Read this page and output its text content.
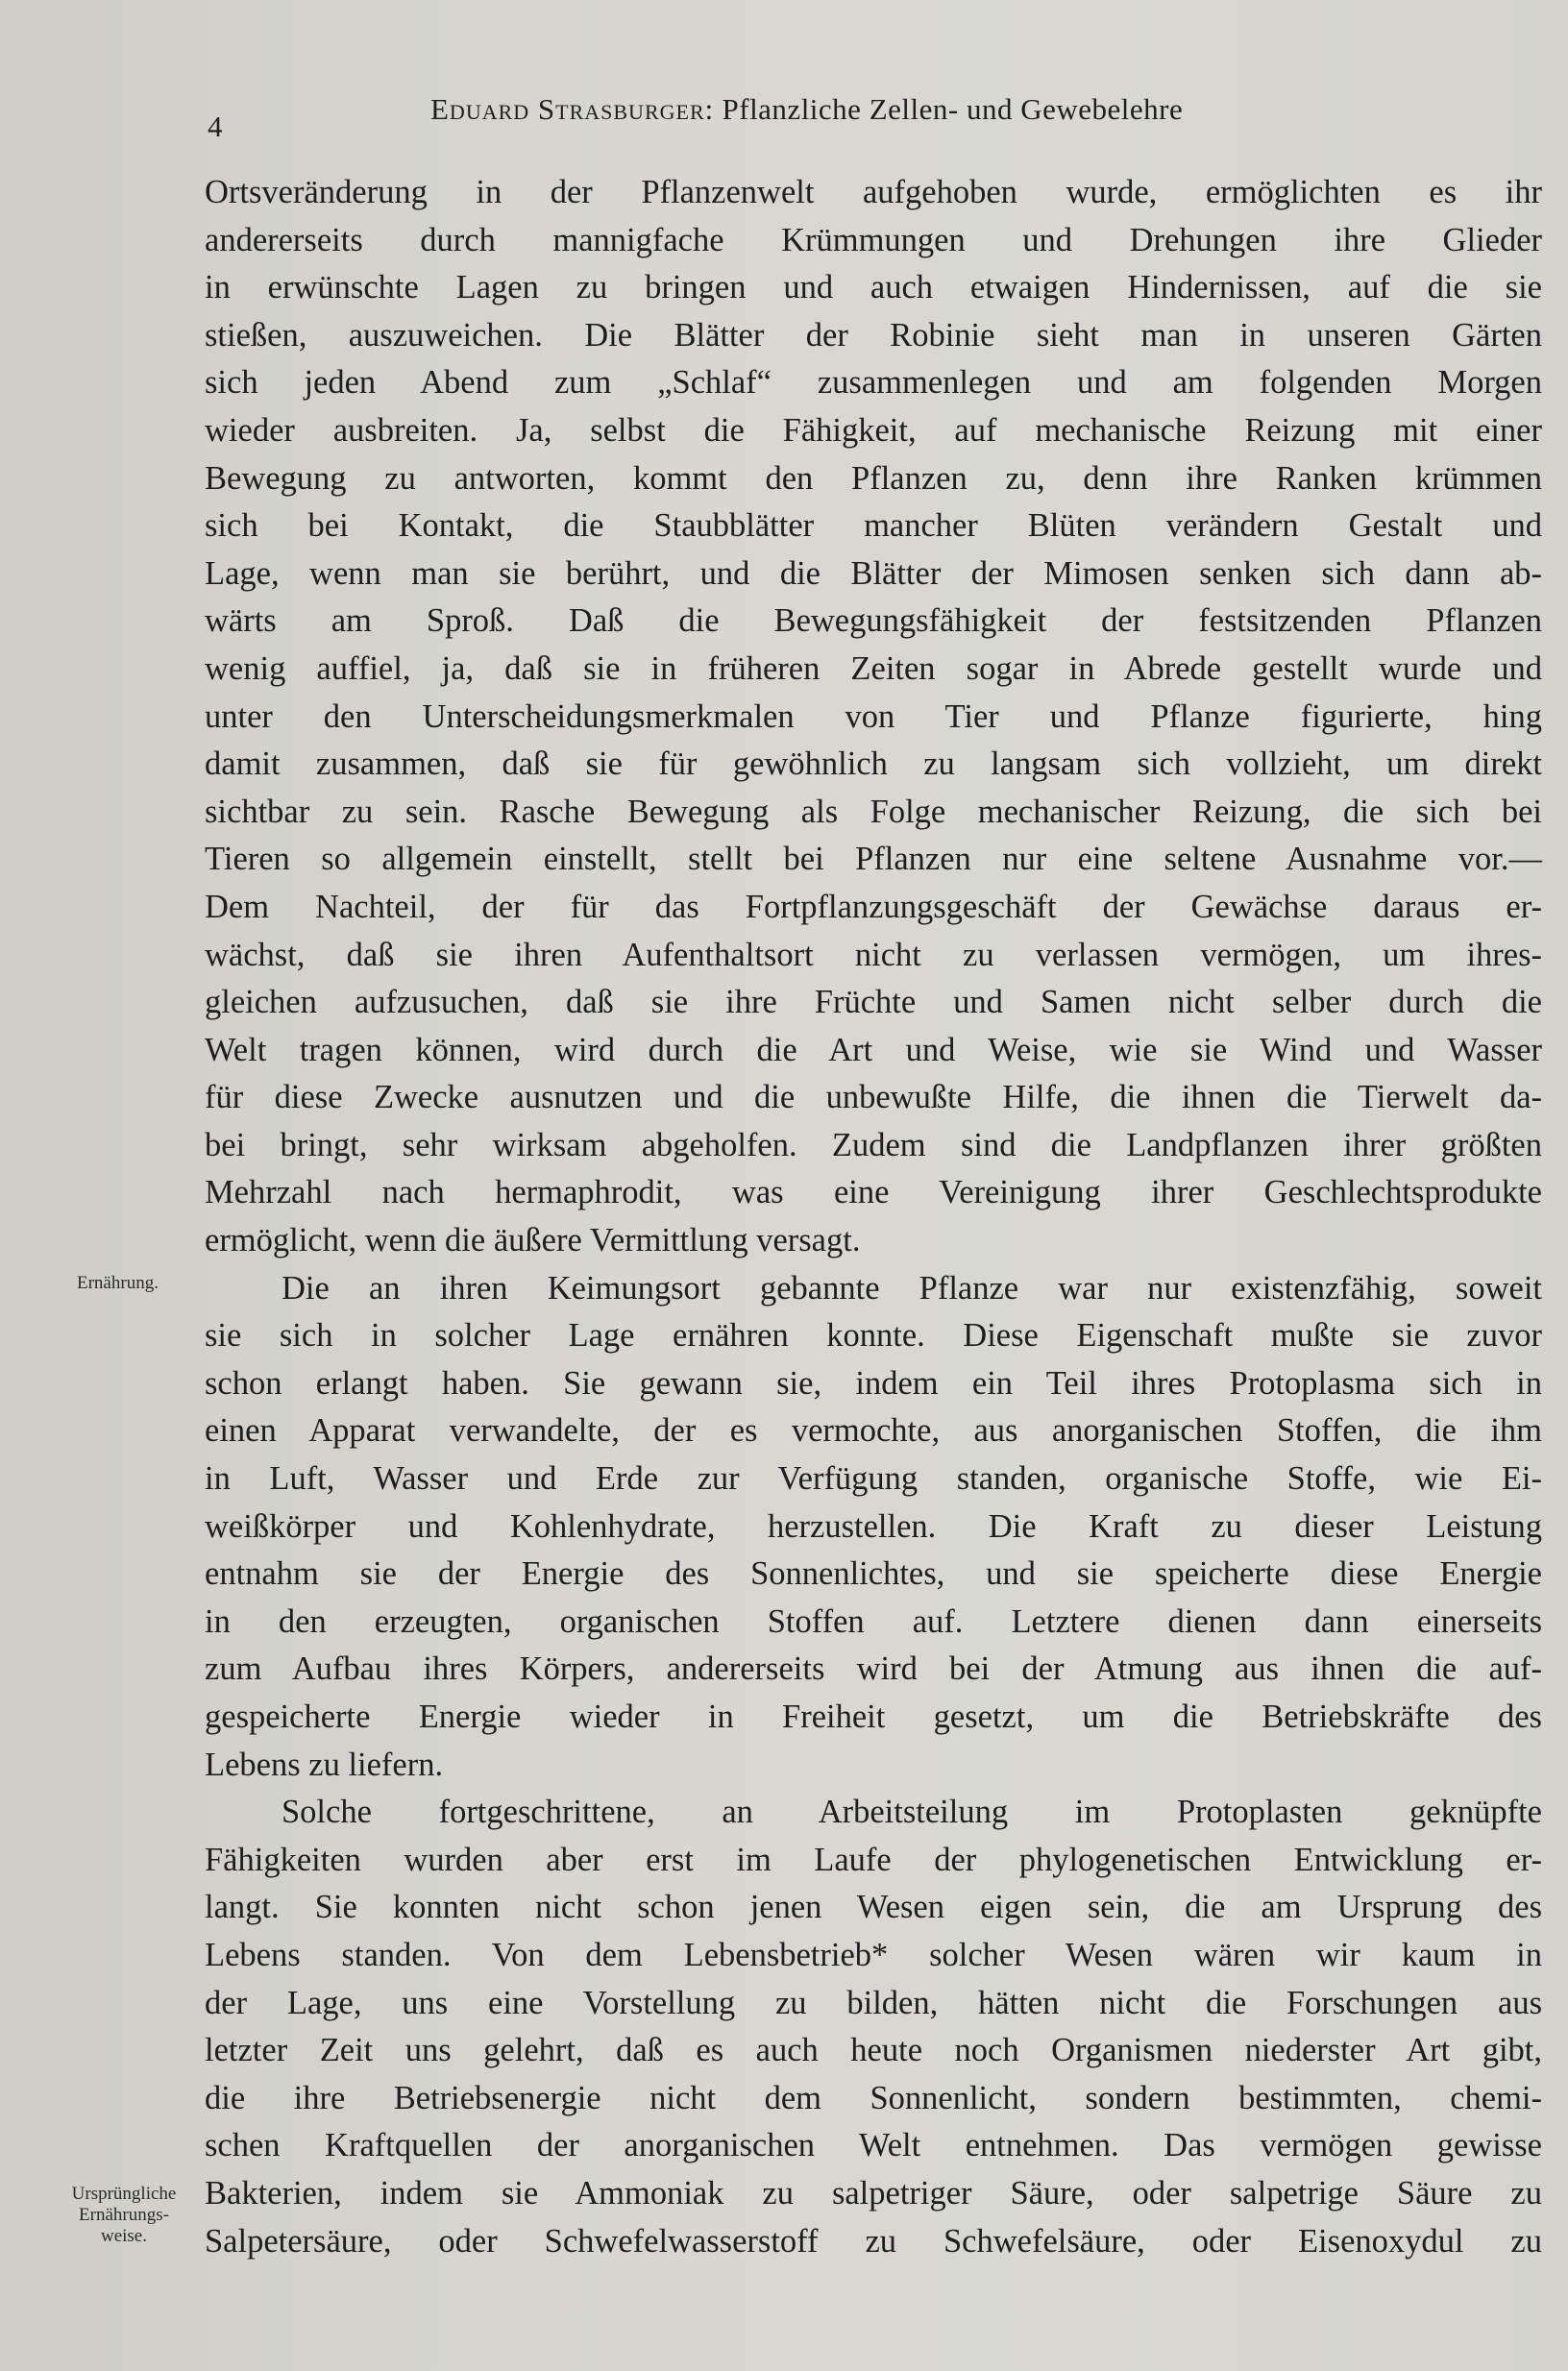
4
Eduard Strasburger: Pflanzliche Zellen- und Gewebelehre
Ernährung.
Ursprüngliche
Ernährungs-
weise.
Ortsveränderung in der Pflanzenwelt aufgehoben wurde, ermöglichten es ihr
andererseits durch mannigfache Krümmungen und Drehungen ihre Glieder
in erwünschte Lagen zu bringen und auch etwaigen Hindernissen, auf die sie
stießen, auszuweichen. Die Blätter der Robinie sieht man in unseren Gärten
sich jeden Abend zum „Schlaf“ zusammenlegen und am folgenden Morgen
wieder ausbreiten. Ja, selbst die Fähigkeit, auf mechanische Reizung mit einer
Bewegung zu antworten, kommt den Pflanzen zu, denn ihre Ranken krümmen
sich bei Kontakt, die Staubblätter mancher Blüten verändern Gestalt und
Lage, wenn man sie berührt, und die Blätter der Mimosen senken sich dann ab-
wärts am Sproß. Daß die Bewegungsfähigkeit der festsitzenden Pflanzen
wenig auffiel, ja, daß sie in früheren Zeiten sogar in Abrede gestellt wurde und
unter den Unterscheidungsmerkmalen von Tier und Pflanze figurierte, hing
damit zusammen, daß sie für gewöhnlich zu langsam sich vollzieht, um direkt
sichtbar zu sein. Rasche Bewegung als Folge mechanischer Reizung, die sich bei
Tieren so allgemein einstellt, stellt bei Pflanzen nur eine seltene Ausnahme vor.—
Dem Nachteil, der für das Fortpflanzungsgeschäft der Gewächse daraus er-
wächst, daß sie ihren Aufenthaltsort nicht zu verlassen vermögen, um ihres-
gleichen aufzusuchen, daß sie ihre Früchte und Samen nicht selber durch die
Welt tragen können, wird durch die Art und Weise, wie sie Wind und Wasser
für diese Zwecke ausnutzen und die unbewußte Hilfe, die ihnen die Tierwelt da-
bei bringt, sehr wirksam abgeholfen. Zudem sind die Landpflanzen ihrer größten
Mehrzahl nach hermaphrodit, was eine Vereinigung ihrer Geschlechtsprodukte
ermöglicht, wenn die äußere Vermittlung versagt.
Die an ihren Keimungsort gebannte Pflanze war nur existenzfähig, soweit
sie sich in solcher Lage ernähren konnte. Diese Eigenschaft mußte sie zuvor
schon erlangt haben. Sie gewann sie, indem ein Teil ihres Protoplasma sich in
einen Apparat verwandelte, der es vermochte, aus anorganischen Stoffen, die ihm
in Luft, Wasser und Erde zur Verfügung standen, organische Stoffe, wie Ei-
weißkörper und Kohlenhydrate, herzustellen. Die Kraft zu dieser Leistung
entnahm sie der Energie des Sonnenlichtes, und sie speicherte diese Energie
in den erzeugten, organischen Stoffen auf. Letztere dienen dann einerseits
zum Aufbau ihres Körpers, andererseits wird bei der Atmung aus ihnen die auf-
gespeicherte Energie wieder in Freiheit gesetzt, um die Betriebskräfte des
Lebens zu liefern.
Solche fortgeschrittene, an Arbeitsteilung im Protoplasten geknüpfte
Fähigkeiten wurden aber erst im Laufe der phylogenetischen Entwicklung er-
langt. Sie konnten nicht schon jenen Wesen eigen sein, die am Ursprung des
Lebens standen. Von dem Lebensbetrieb* solcher Wesen wären wir kaum in
der Lage, uns eine Vorstellung zu bilden, hätten nicht die Forschungen aus
letzter Zeit uns gelehrt, daß es auch heute noch Organismen niederster Art gibt,
die ihre Betriebsenergie nicht dem Sonnenlicht, sondern bestimmten, chemi-
schen Kraftquellen der anorganischen Welt entnehmen. Das vermögen gewisse
Bakterien, indem sie Ammoniak zu salpetriger Säure, oder salpetrige Säure zu
Salpetersäure, oder Schwefelwasserstoff zu Schwefelsäure, oder Eisenoxydul zu
